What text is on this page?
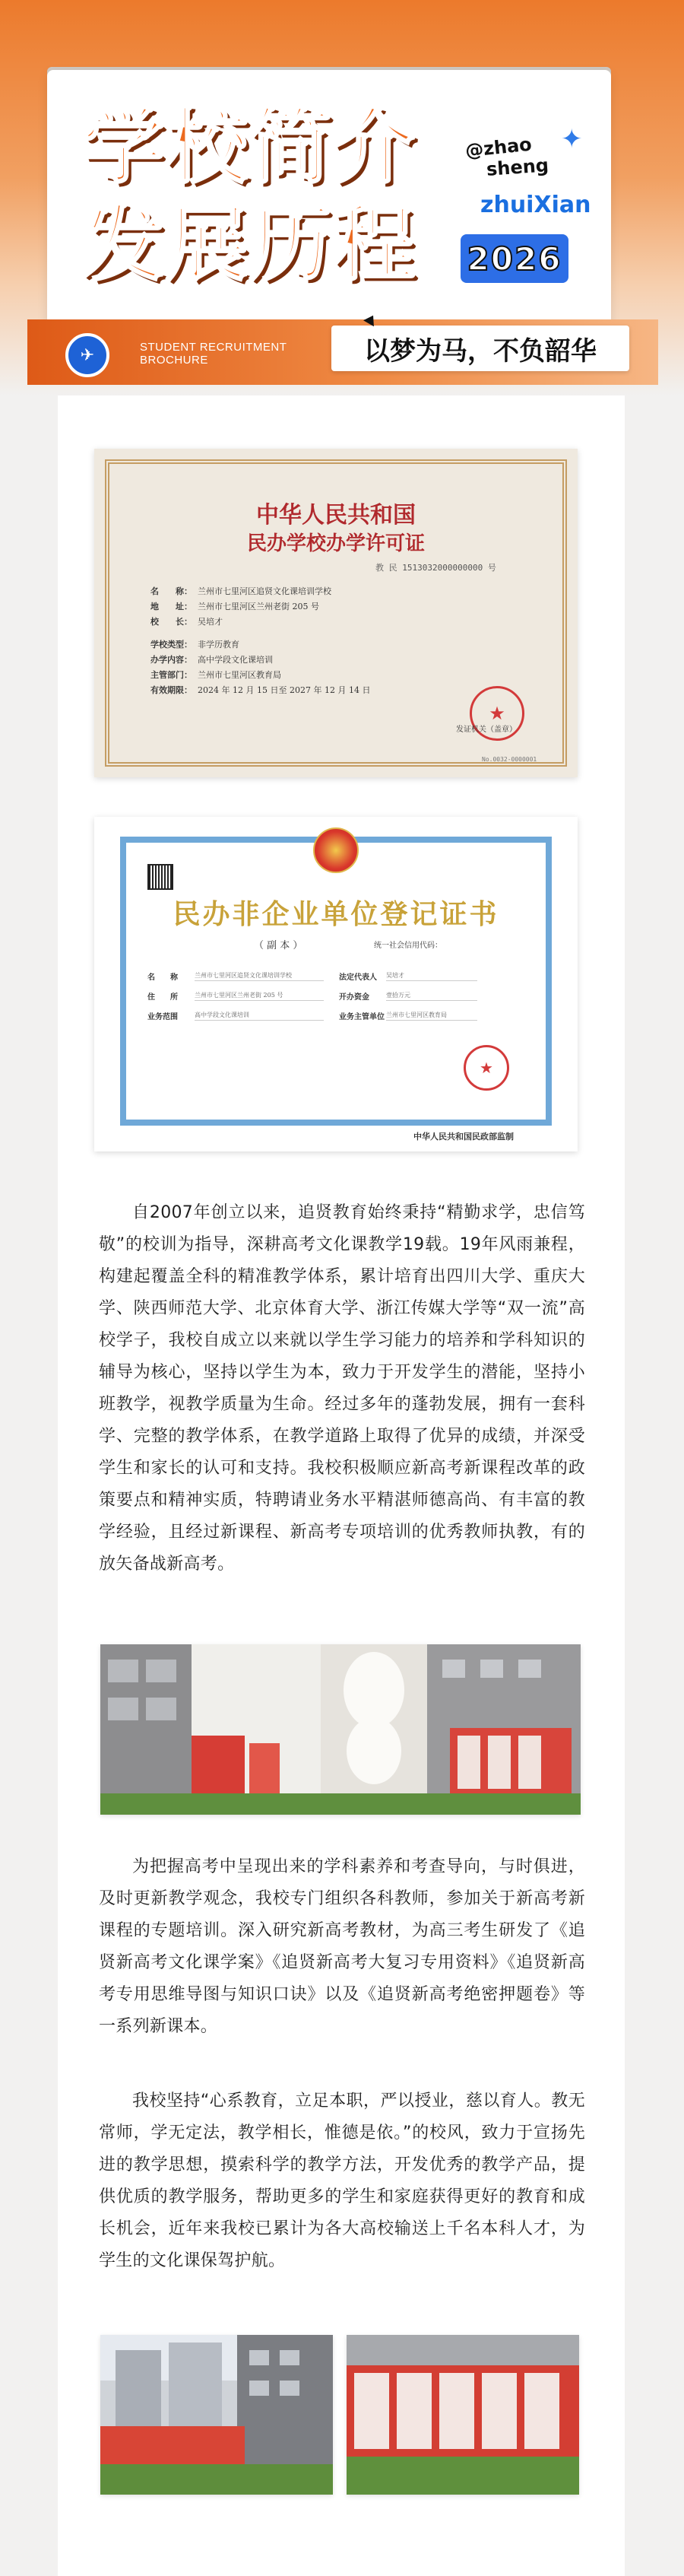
学校简介
发展历程
@zhao
sheng
zhuiXian
✦
2026
✈	STUDENT RECRUITMENT
BROCHURE	以梦为马，不负韶华
中华人民共和国
民办学校办学许可证
教 民 1513032000000000 号
名　　称： 兰州市七里河区追贤文化课培训学校
地　　址： 兰州市七里河区兰州老街 205 号
校　　长： 吴培才
学校类型： 非学历教育
办学内容： 高中学段文化课培训
主管部门： 兰州市七里河区教育局
有效期限： 2024 年 12 月 15 日至 2027 年 12 月 14 日
★
发证机关（盖章）
No.0032-0000001
民办非企业单位登记证书
（ 副 本 ）	统一社会信用代码：
名　　称	兰州市七里河区追贤文化课培训学校	法定代表人	吴培才
住　　所	兰州市七里河区兰州老街 205 号	开办资金	壹拾万元
业务范围	高中学段文化课培训	业务主管单位 兰州市七里河区教育局
★
中华人民共和国民政部监制
自2007年创立以来，追贤教育始终秉持“精勤求学，忠信笃敬”的校训为指导，深耕高考文化课教学19载。19年风雨兼程，构建起覆盖全科的精准教学体系，累计培育出四川大学、重庆大学、陕西师范大学、北京体育大学、浙江传媒大学等“双一流”高校学子，我校自成立以来就以学生学习能力的培养和学科知识的辅导为核心，坚持以学生为本，致力于开发学生的潜能，坚持小班教学，视教学质量为生命。经过多年的蓬勃发展，拥有一套科学、完整的教学体系，在教学道路上取得了优异的成绩，并深受学生和家长的认可和支持。我校积极顺应新高考新课程改革的政策要点和精神实质，特聘请业务水平精湛师德高尚、有丰富的教学经验，且经过新课程、新高考专项培训的优秀教师执教，有的放矢备战新高考。
为把握高考中呈现出来的学科素养和考查导向，与时俱进，及时更新教学观念，我校专门组织各科教师，参加关于新高考新课程的专题培训。深入研究新高考教材，为高三考生研发了《追贤新高考文化课学案》《追贤新高考大复习专用资料》《追贤新高考专用思维导图与知识口诀》以及《追贤新高考绝密押题卷》等一系列新课本。
我校坚持“心系教育，立足本职，严以授业，慈以育人。教无常师，学无定法，教学相长，惟德是依。”的校风，致力于宣扬先进的教学思想，摸索科学的教学方法，开发优秀的教学产品，提供优质的教学服务，帮助更多的学生和家庭获得更好的教育和成长机会，近年来我校已累计为各大高校输送上千名本科人才，为学生的文化课保驾护航。
